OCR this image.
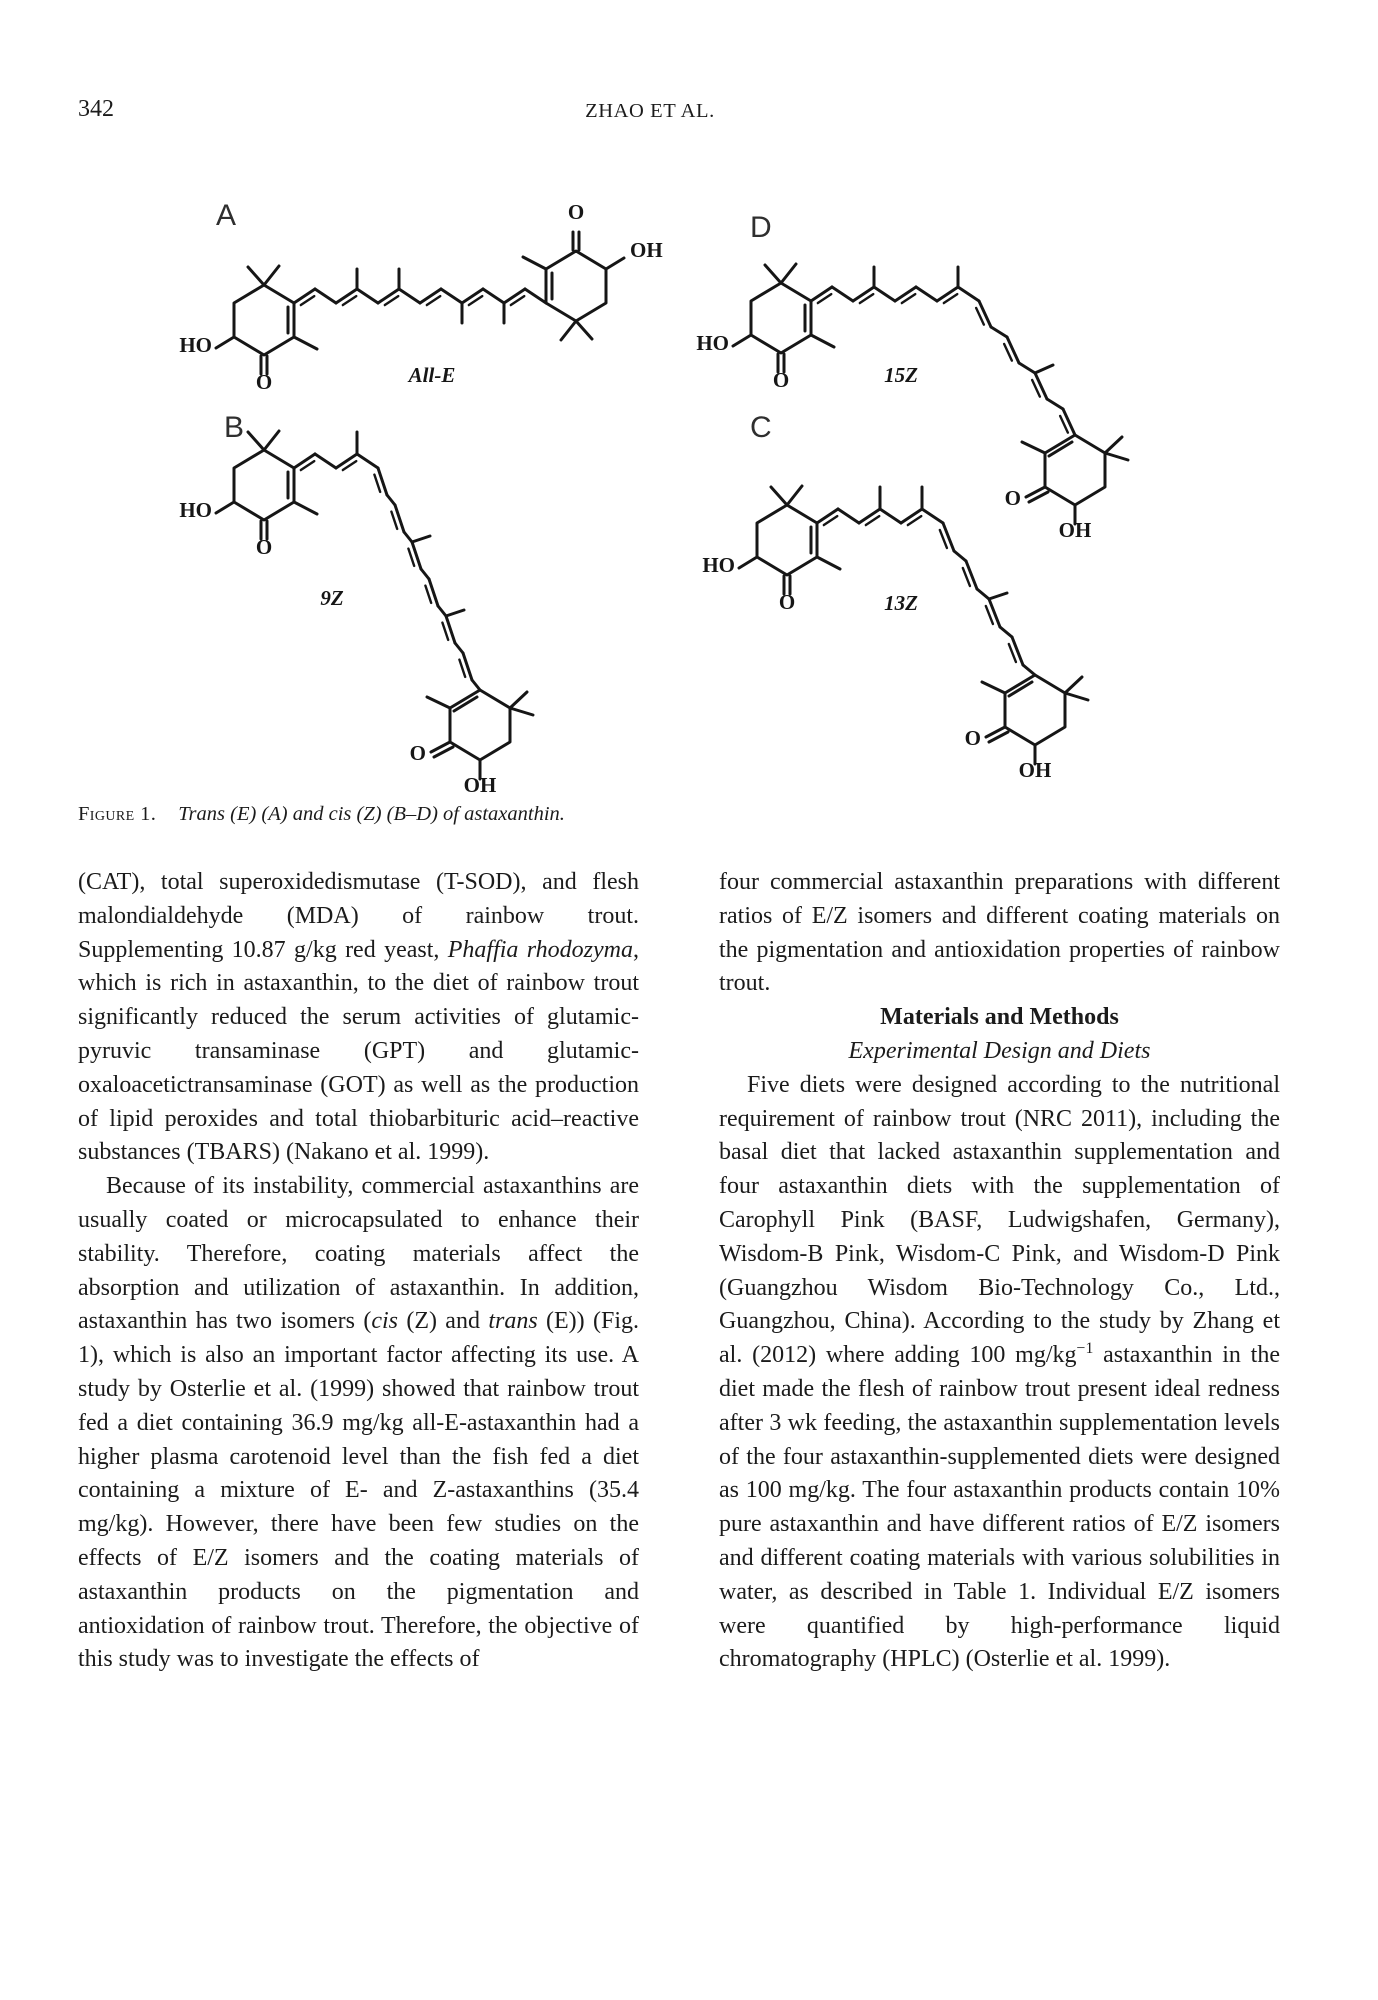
342	ZHAO ET AL.
A
HO
O
O
OH
All-E
B
HO
O
O
OH
9Z
C
HO
O
O
OH
13Z
D
HO
O
O
OH
15Z
Figure 1. Trans (E) (A) and cis (Z) (B–D) of astaxanthin.

(CAT), total superoxidedismutase (T-SOD), and flesh malondialdehyde (MDA) of rainbow trout. Supplementing 10.87 g/kg red yeast, Phaffia rhodozyma, which is rich in astaxanthin, to the diet of rainbow trout significantly reduced the serum activities of glutamic-pyruvic transaminase (GPT) and glutamic-oxaloacetictransaminase (GOT) as well as the production of lipid peroxides and total thiobarbituric acid–reactive substances (TBARS) (Nakano et al. 1999).

Because of its instability, commercial astaxanthins are usually coated or microcapsulated to enhance their stability. Therefore, coating materials affect the absorption and utilization of astaxanthin. In addition, astaxanthin has two isomers (cis (Z) and trans (E)) (Fig. 1), which is also an important factor affecting its use. A study by Osterlie et al. (1999) showed that rainbow trout fed a diet containing 36.9 mg/kg all-E-astaxanthin had a higher plasma carotenoid level than the fish fed a diet containing a mixture of E- and Z-astaxanthins (35.4 mg/kg). However, there have been few studies on the effects of E/Z isomers and the coating materials of astaxanthin products on the pigmentation and antioxidation of rainbow trout. Therefore, the objective of this study was to investigate the effects of

four commercial astaxanthin preparations with different ratios of E/Z isomers and different coating materials on the pigmentation and antioxidation properties of rainbow trout.

Materials and Methods

Experimental Design and Diets

Five diets were designed according to the nutritional requirement of rainbow trout (NRC 2011), including the basal diet that lacked astaxanthin supplementation and four astaxanthin diets with the supplementation of Carophyll Pink (BASF, Ludwigshafen, Germany), Wisdom-B Pink, Wisdom-C Pink, and Wisdom-D Pink (Guangzhou Wisdom Bio-Technology Co., Ltd., Guangzhou, China). According to the study by Zhang et al. (2012) where adding 100 $mg/kg^{-1}$ astaxanthin in the diet made the flesh of rainbow trout present ideal redness after 3 wk feeding, the astaxanthin supplementation levels of the four astaxanthin-supplemented diets were designed as 100 mg/kg. The four astaxanthin products contain 10% pure astaxanthin and have different ratios of E/Z isomers and different coating materials with various solubilities in water, as described in Table 1. Individual E/Z isomers were quantified by high-performance liquid chromatography (HPLC) (Osterlie et al. 1999).
